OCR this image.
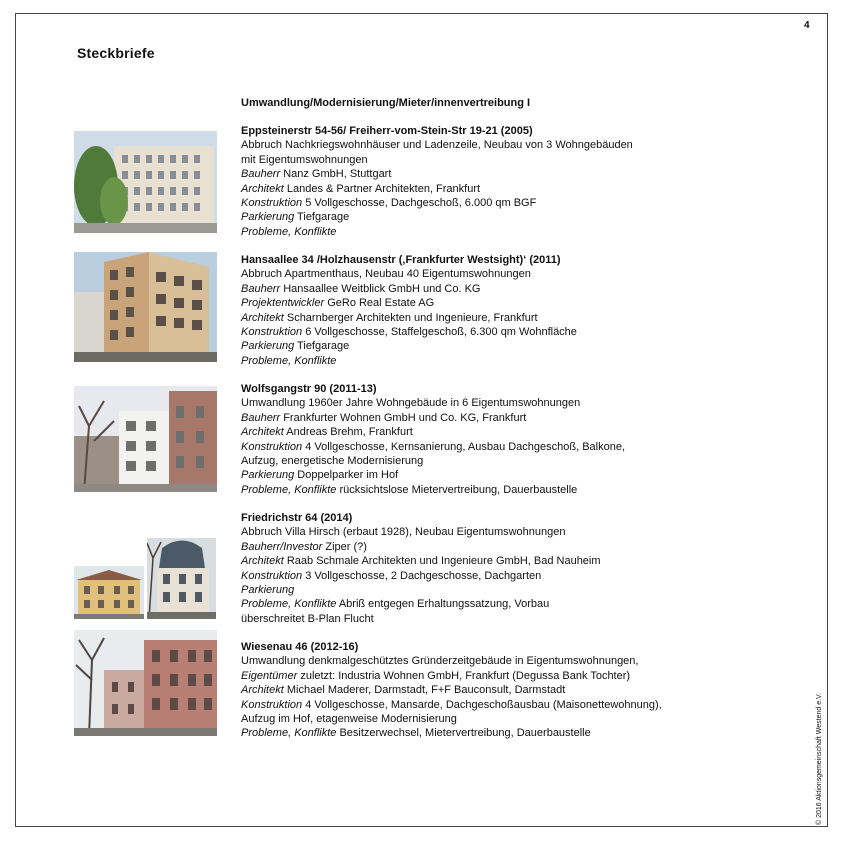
4
Steckbriefe
Umwandlung/Modernisierung/Mieter/innenvertreibung I
© 2016 Aktionsgemeinschaft Westend e.V.
Eppsteinerstr 54-56/ Freiherr-vom-Stein-Str 19-21 (2005)
Abbruch Nachkriegswohnhäuser und Ladenzeile, Neubau von 3 Wohngebäuden
mit Eigentumswohnungen
Bauherr Nanz GmbH, Stuttgart
Architekt Landes & Partner Architekten, Frankfurt
Konstruktion 5 Vollgeschosse, Dachgeschoß, 6.000 qm BGF
Parkierung Tiefgarage
Probleme, Konflikte
Hansaallee 34 /Holzhausenstr (‚Frankfurter Westsight)‘ (2011)
Abbruch Apartmenthaus, Neubau 40 Eigentumswohnungen
Bauherr Hansaallee Weitblick GmbH und Co. KG
Projektentwickler GeRo Real Estate AG
Architekt Scharnberger Architekten und Ingenieure, Frankfurt
Konstruktion 6 Vollgeschosse, Staffelgeschoß, 6.300 qm Wohnfläche
Parkierung Tiefgarage
Probleme, Konflikte
Wolfsgangstr 90 (2011-13)
Umwandlung 1960er Jahre Wohngebäude in 6 Eigentumswohnungen
Bauherr Frankfurter Wohnen GmbH und Co. KG, Frankfurt
Architekt Andreas Brehm, Frankfurt
Konstruktion 4 Vollgeschosse, Kernsanierung, Ausbau Dachgeschoß, Balkone,
Aufzug, energetische Modernisierung
Parkierung Doppelparker im Hof
Probleme, Konflikte rücksichtslose Mietervertreibung, Dauerbaustelle
Friedrichstr 64 (2014)
Abbruch Villa Hirsch (erbaut 1928), Neubau Eigentumswohnungen
Bauherr/Investor Ziper (?)
Architekt Raab Schmale Architekten und Ingenieure GmbH, Bad Nauheim
Konstruktion 3 Vollgeschosse, 2 Dachgeschosse, Dachgarten
Parkierung
Probleme, Konflikte Abriß entgegen Erhaltungssatzung, Vorbau
überschreitet B-Plan Flucht
Wiesenau 46 (2012-16)
Umwandlung denkmalgeschütztes Gründerzeitgebäude in Eigentumswohnungen,
Eigentümer zuletzt: Industria Wohnen GmbH, Frankfurt (Degussa Bank Tochter)
Architekt Michael Maderer, Darmstadt, F+F Bauconsult, Darmstadt
Konstruktion 4 Vollgeschosse, Mansarde, Dachgeschoßausbau (Maisonettewohnung),
Aufzug im Hof, etagenweise Modernisierung
Probleme, Konflikte Besitzerwechsel, Mietervertreibung, Dauerbaustelle
